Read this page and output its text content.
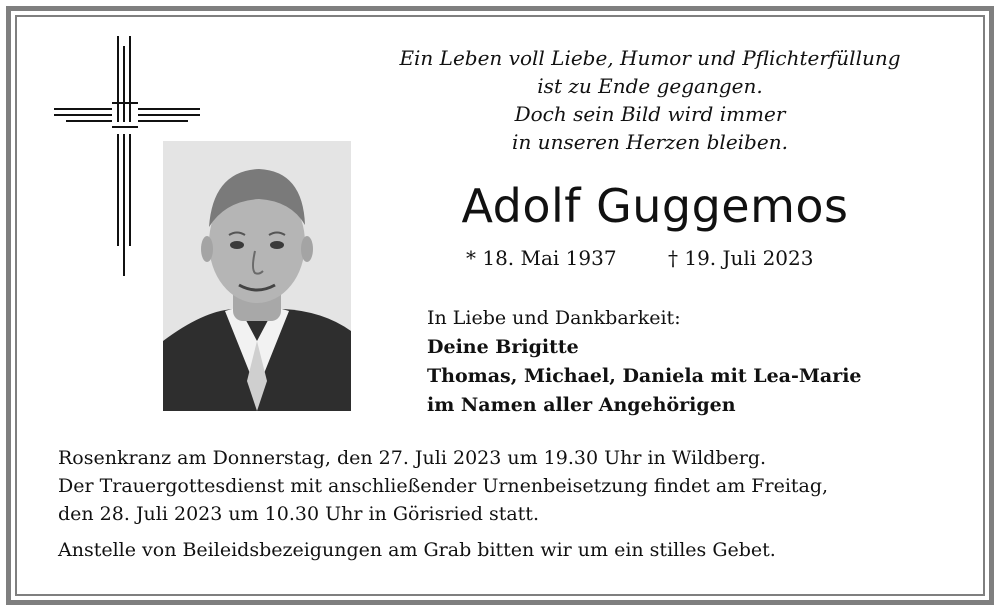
Ein Leben voll Liebe, Humor und Pflichterfüllung
ist zu Ende gegangen.
Doch sein Bild wird immer
in unseren Herzen bleiben.
Adolf Guggemos
* 18. Mai 1937	† 19. Juli 2023
In Liebe und Dankbarkeit:
Deine Brigitte
Thomas, Michael, Daniela mit Lea-Marie
im Namen aller Angehörigen
Rosenkranz am Donnerstag, den 27. Juli 2023 um 19.30 Uhr in Wildberg.
Der Trauergottesdienst mit anschließender Urnenbeisetzung findet am Freitag,
den 28. Juli 2023 um 10.30 Uhr in Görisried statt.
Anstelle von Beileidsbezeigungen am Grab bitten wir um ein stilles Gebet.
